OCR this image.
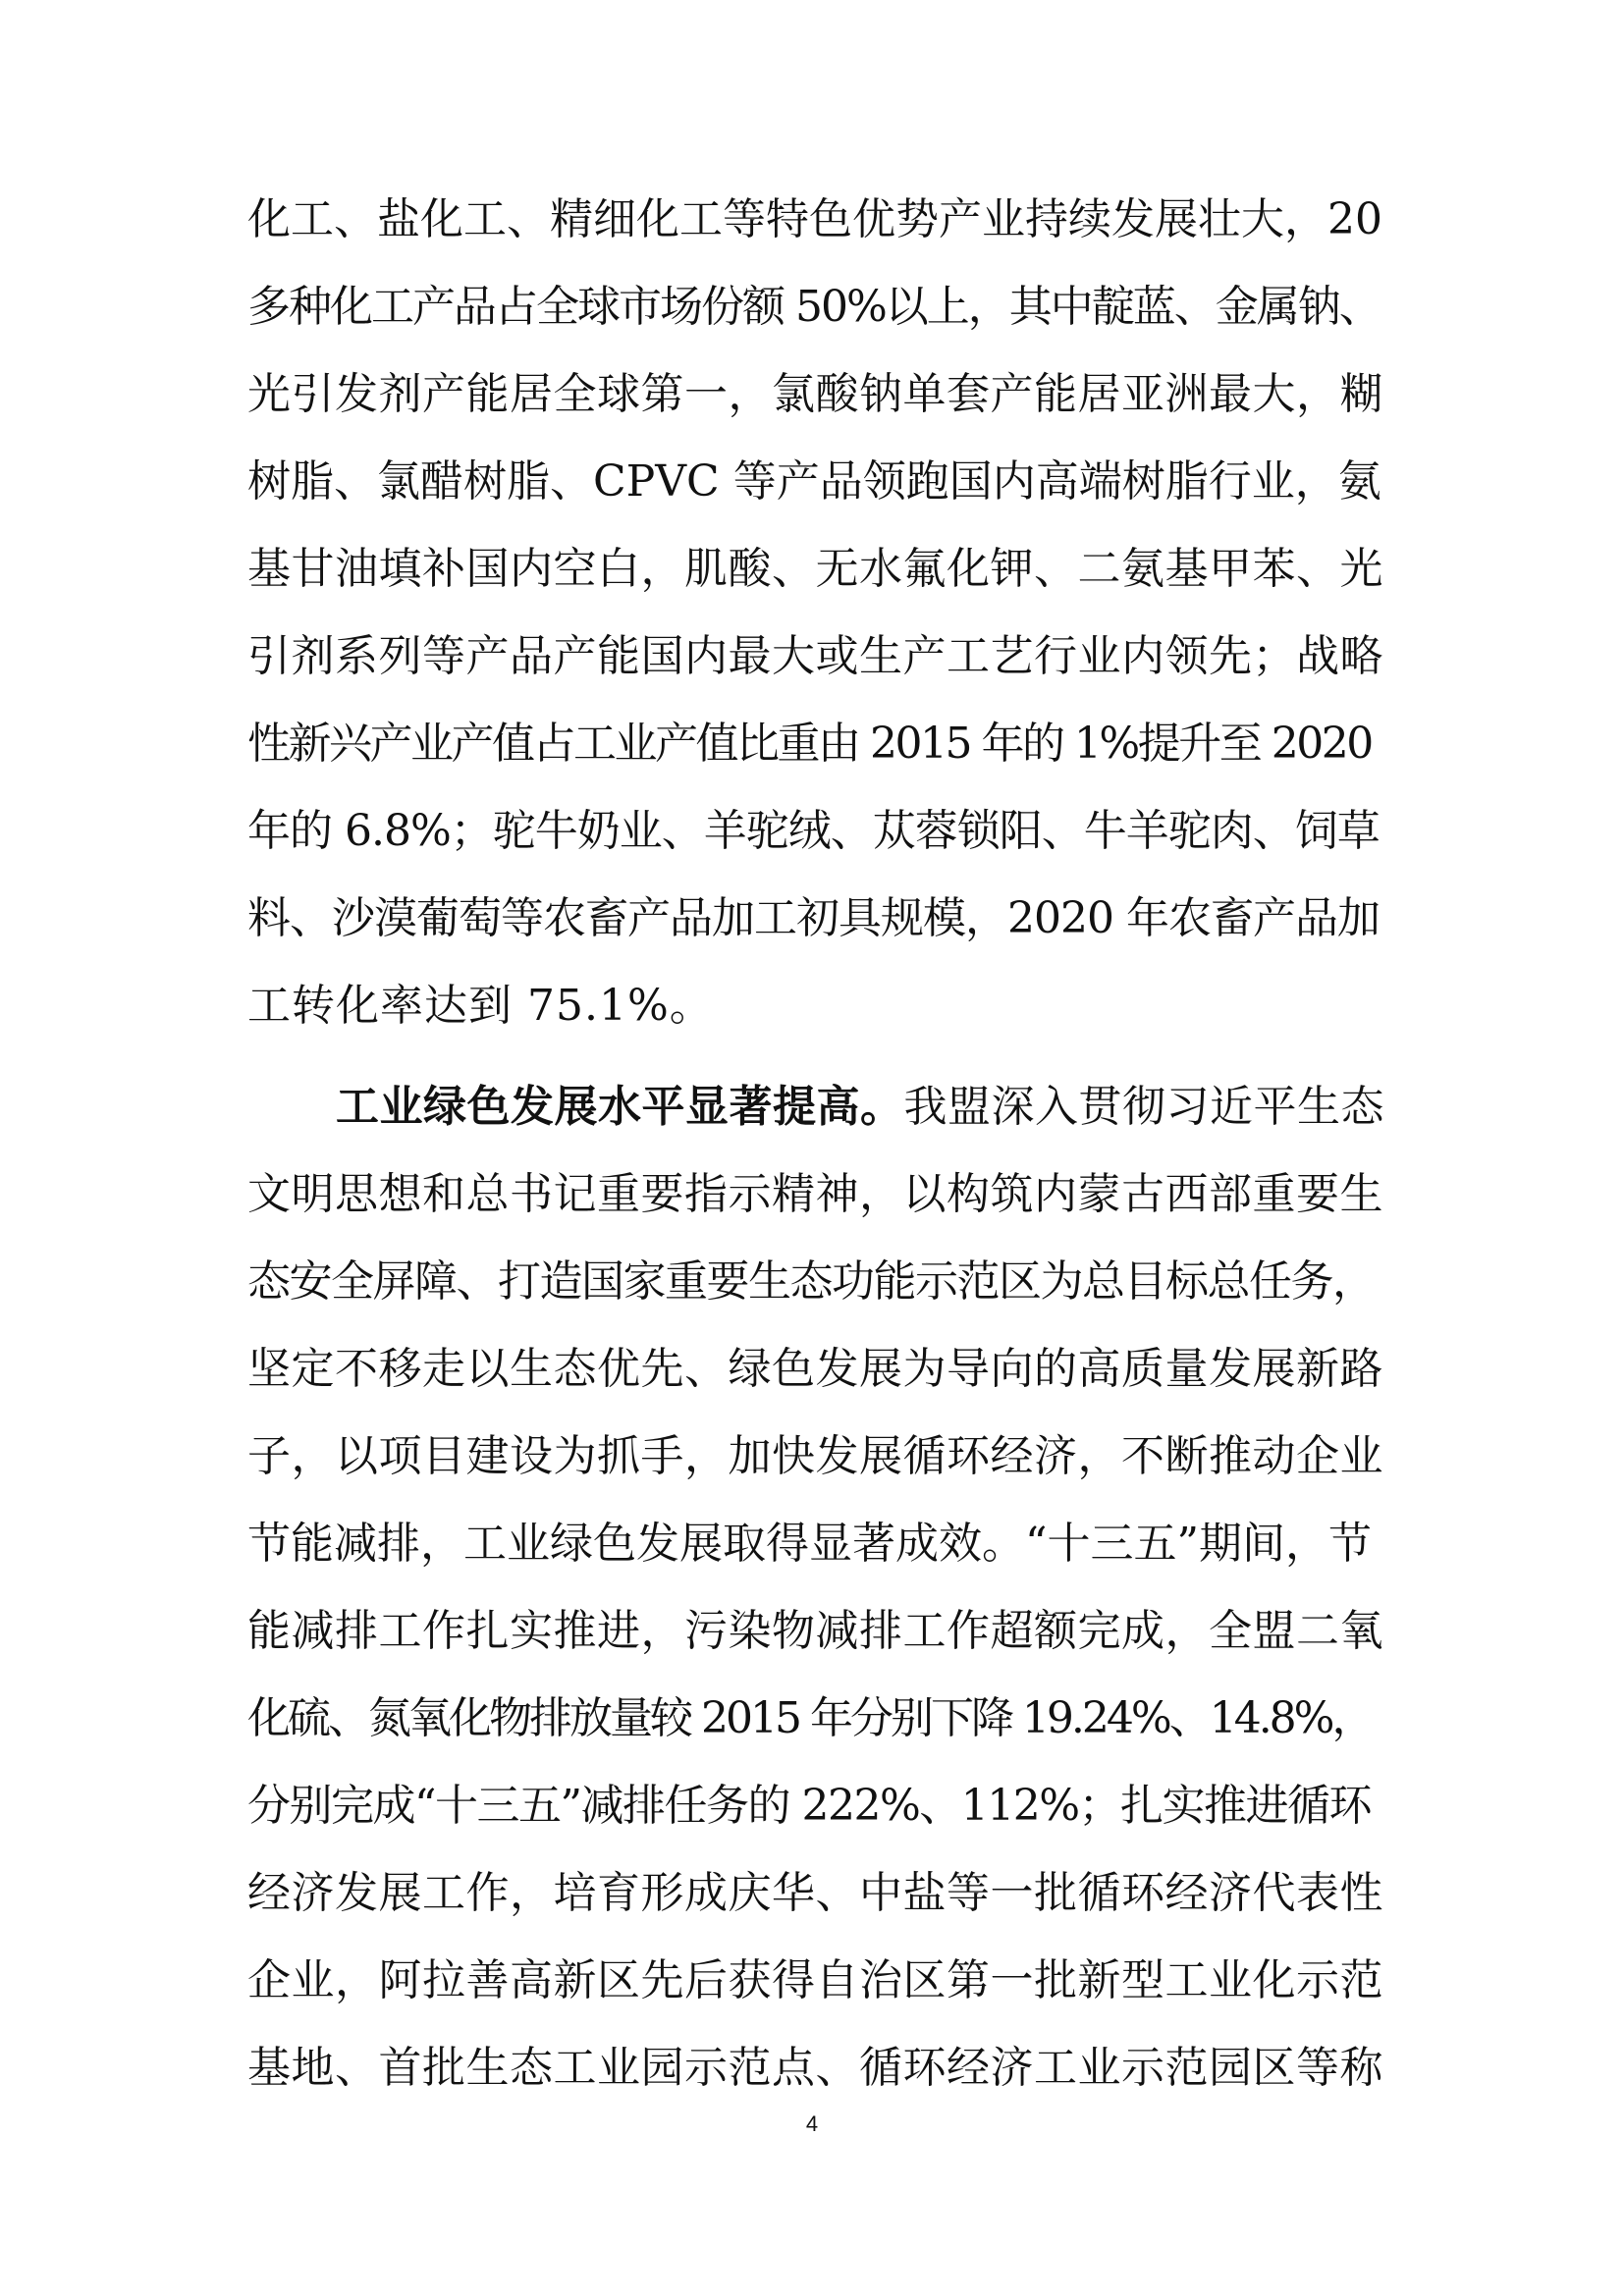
化工、盐化工、精细化工等特色优势产业持续发展壮大，20
多种化工产品占全球市场份额 50%以上，其中靛蓝、金属钠、
光引发剂产能居全球第一，氯酸钠单套产能居亚洲最大，糊
树脂、氯醋树脂、CPVC 等产品领跑国内高端树脂行业，氨
基甘油填补国内空白，肌酸、无水氟化钾、二氨基甲苯、光
引剂系列等产品产能国内最大或生产工艺行业内领先；战略
性新兴产业产值占工业产值比重由 2015 年的 1%提升至 2020
年的 6.8%；驼牛奶业、羊驼绒、苁蓉锁阳、牛羊驼肉、饲草
料、沙漠葡萄等农畜产品加工初具规模，2020 年农畜产品加
工转化率达到 75.1%。
工业绿色发展水平显著提高。我盟深入贯彻习近平生态
文明思想和总书记重要指示精神，以构筑内蒙古西部重要生
态安全屏障、打造国家重要生态功能示范区为总目标总任务，
坚定不移走以生态优先、绿色发展为导向的高质量发展新路
子，以项目建设为抓手，加快发展循环经济，不断推动企业
节能减排，工业绿色发展取得显著成效。“十三五”期间，节
能减排工作扎实推进，污染物减排工作超额完成，全盟二氧
化硫、氮氧化物排放量较 2015 年分别下降 19.24%、14.8%，
分别完成“十三五”减排任务的 222%、112%；扎实推进循环
经济发展工作，培育形成庆华、中盐等一批循环经济代表性
企业，阿拉善高新区先后获得自治区第一批新型工业化示范
基地、首批生态工业园示范点、循环经济工业示范园区等称
4
